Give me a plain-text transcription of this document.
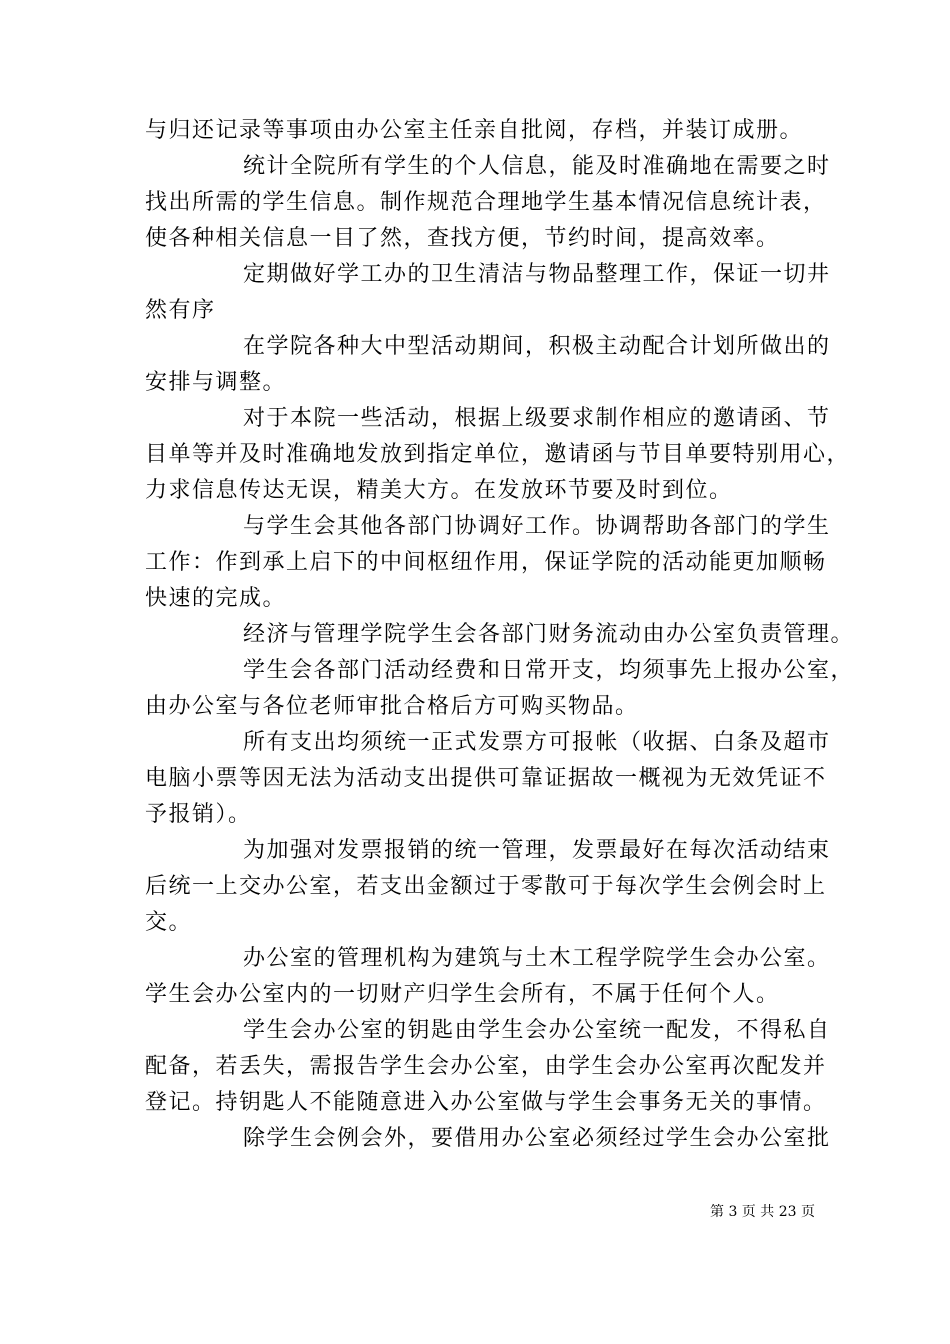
与归还记录等事项由办公室主任亲自批阅，存档，并装订成册。
统计全院所有学生的个人信息，能及时准确地在需要之时
找出所需的学生信息。制作规范合理地学生基本情况信息统计表，
使各种相关信息一目了然，查找方便，节约时间，提高效率。
定期做好学工办的卫生清洁与物品整理工作，保证一切井
然有序
在学院各种大中型活动期间，积极主动配合计划所做出的
安排与调整。
对于本院一些活动，根据上级要求制作相应的邀请函、节
目单等并及时准确地发放到指定单位，邀请函与节目单要特别用心，
力求信息传达无误，精美大方。在发放环节要及时到位。
与学生会其他各部门协调好工作。协调帮助各部门的学生
工作：作到承上启下的中间枢纽作用，保证学院的活动能更加顺畅
快速的完成。
经济与管理学院学生会各部门财务流动由办公室负责管理。
学生会各部门活动经费和日常开支，均须事先上报办公室，
由办公室与各位老师审批合格后方可购买物品。
所有支出均须统一正式发票方可报帐（收据、白条及超市
电脑小票等因无法为活动支出提供可靠证据故一概视为无效凭证不
予报销）。
为加强对发票报销的统一管理，发票最好在每次活动结束
后统一上交办公室，若支出金额过于零散可于每次学生会例会时上
交。
办公室的管理机构为建筑与土木工程学院学生会办公室。
学生会办公室内的一切财产归学生会所有，不属于任何个人。
学生会办公室的钥匙由学生会办公室统一配发，不得私自
配备，若丢失，需报告学生会办公室，由学生会办公室再次配发并
登记。持钥匙人不能随意进入办公室做与学生会事务无关的事情。
除学生会例会外，要借用办公室必须经过学生会办公室批
第 3 页 共 23 页
